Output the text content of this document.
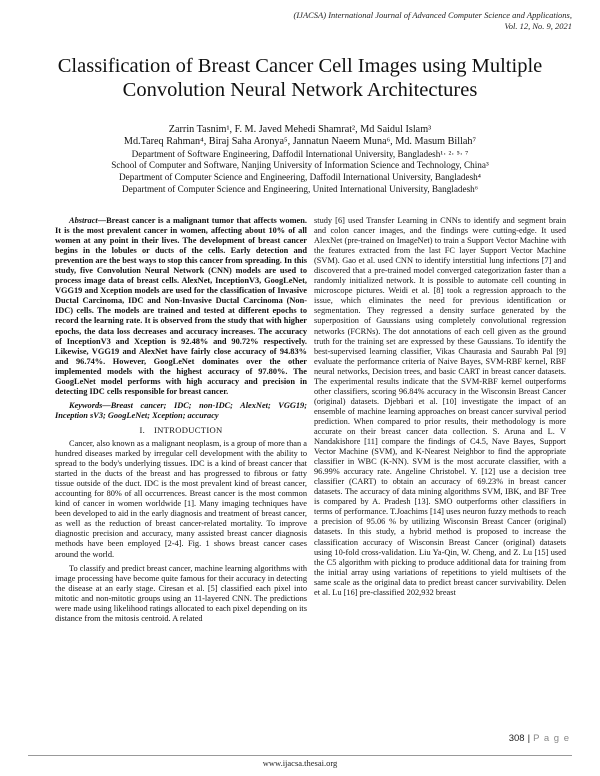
(IJACSA) International Journal of Advanced Computer Science and Applications,
Vol. 12, No. 9, 2021
Classification of Breast Cancer Cell Images using Multiple Convolution Neural Network Architectures
Zarrin Tasnim¹, F. M. Javed Mehedi Shamrat², Md Saidul Islam³
Md.Tareq Rahman⁴, Biraj Saha Aronya⁵, Jannatun Naeem Muna⁶, Md. Masum Billah⁷
Department of Software Engineering, Daffodil International University, Bangladesh¹· ²· ⁵· ⁷
School of Computer and Software, Nanjing University of Information Science and Technology, China³
Department of Computer Science and Engineering, Daffodil International University, Bangladesh⁴
Department of Computer Science and Engineering, United International University, Bangladesh⁶

Abstract—Breast cancer is a malignant tumor that affects women. It is the most prevalent cancer in women, affecting about 10% of all women at any point in their lives. The development of breast cancer begins in the lobules or ducts of the cells. Early detection and prevention are the best ways to stop this cancer from spreading. In this study, five Convolution Neural Network (CNN) models are used to process image data of breast cells. AlexNet, InceptionV3, GoogLeNet, VGG19 and Xception models are used for the classification of Invasive Ductal Carcinoma, IDC and Non-Invasive Ductal Carcinoma (Non-IDC) cells. The models are trained and tested at different epochs to record the learning rate. It is observed from the study that with higher epochs, the data loss decreases and accuracy increases. The accuracy of InceptionV3 and Xception is 92.48% and 90.72% respectively. Likewise, VGG19 and AlexNet have fairly close accuracy of 94.83% and 96.74%. However, GoogLeNet dominates over the other implemented models with the highest accuracy of 97.80%. The GoogLeNet model performs with high accuracy and precision in detecting IDC cells responsible for breast cancer.

Keywords—Breast cancer; IDC; non-IDC; AlexNet; VGG19; Inception sV3; GoogLeNet; Xception; accuracy

I. INTRODUCTION

Cancer, also known as a malignant neoplasm, is a group of more than a hundred diseases marked by irregular cell development with the ability to spread to the body's underlying tissues. IDC is a kind of breast cancer that started in the ducts of the breast and has progressed to fibrous or fatty tissue outside of the duct. IDC is the most prevalent kind of breast cancer, accounting for 80% of all occurrences. Breast cancer is the most common kind of cancer in women worldwide [1]. Many imaging techniques have been developed to aid in the early diagnosis and treatment of breast cancer, as well as the reduction of breast cancer-related mortality. To improve diagnostic precision and accuracy, many assisted breast cancer diagnosis methods have been employed [2-4]. Fig. 1 shows breast cancer cases around the world.

To classify and predict breast cancer, machine learning algorithms with image processing have become quite famous for their accuracy in detecting the disease at an early stage. Ciresan et al. [5] classified each pixel into mitotic and non-mitotic groups using an 11-layered CNN. The predictions were made using likelihood ratings allocated to each pixel depending on its distance from the mitosis centroid. A related

study [6] used Transfer Learning in CNNs to identify and segment brain and colon cancer images, and the findings were cutting-edge. It used AlexNet (pre-trained on ImageNet) to train a Support Vector Machine with the features extracted from the last FC layer Support Vector Machine (SVM). Gao et al. used CNN to identify interstitial lung infections [7] and discovered that a pre-trained model converged categorization faster than a randomly initialized network. It is possible to automate cell counting in microscope pictures. Weidi et al. [8] took a regression approach to the issue, which eliminates the need for previous identification or segmentation. They regressed a density surface generated by the superposition of Gaussians using completely convolutional regression networks (FCRNs). The dot annotations of each cell given as the ground truth for the training set are expressed by these Gaussians. To identify the best-supervised learning classifier, Vikas Chaurasia and Saurabh Pal [9] evaluate the performance criteria of Naive Bayes, SVM-RBF kernel, RBF neural networks, Decision trees, and basic CART in breast cancer datasets. The experimental results indicate that the SVM-RBF kernel outperforms other classifiers, scoring 96.84% accuracy in the Wisconsin Breast Cancer (original) datasets. Djebbari et al. [10] investigate the impact of an ensemble of machine learning approaches on breast cancer survival period prediction. When compared to prior results, their methodology is more accurate on their breast cancer data collection. S. Aruna and L. V Nandakishore [11] compare the findings of C4.5, Nave Bayes, Support Vector Machine (SVM), and K-Nearest Neighbor to find the appropriate classifier in WBC (K-NN). SVM is the most accurate classifier, with a 96.99% accuracy rate. Angeline Christobel. Y. [12] use a decision tree classifier (CART) to obtain an accuracy of 69.23% in breast cancer datasets. The accuracy of data mining algorithms SVM, IBK, and BF Tree is compared by A. Pradesh [13]. SMO outperforms other classifiers in terms of performance. T.Joachims [14] uses neuron fuzzy methods to reach a precision of 95.06 % by utilizing Wisconsin Breast Cancer (original) datasets. In this study, a hybrid method is proposed to increase the classification accuracy of Wisconsin Breast Cancer (original) datasets using 10-fold cross-validation. Liu Ya-Qin, W. Cheng, and Z. Lu [15] used the C5 algorithm with picking to produce additional data for training from the initial array using variations of repetitions to yield multisets of the same scale as the original data to predict breast cancer survivability. Delen et al. Lu [16] pre-classified 202,932 breast

308 | P a g e
www.ijacsa.thesai.org
